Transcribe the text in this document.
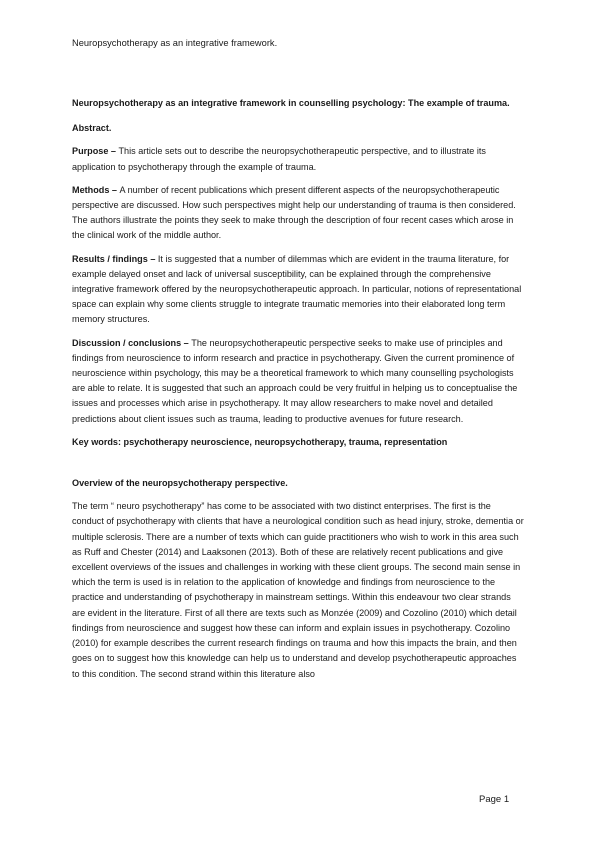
Neuropsychotherapy as an integrative framework.

Neuropsychotherapy as an integrative framework in counselling psychology: The example of trauma.

Abstract.

Purpose – This article sets out to describe the neuropsychotherapeutic perspective, and to illustrate its application to psychotherapy through the example of trauma.

Methods – A number of recent publications which present different aspects of the neuropsychotherapeutic perspective are discussed. How such perspectives might help our understanding of trauma is then considered. The authors illustrate the points they seek to make through the description of four recent cases which arose in the clinical work of the middle author.

Results / findings – It is suggested that a number of dilemmas which are evident in the trauma literature, for example delayed onset and lack of universal susceptibility, can be explained through the comprehensive integrative framework offered by the neuropsychotherapeutic approach. In particular, notions of representational space can explain why some clients struggle to integrate traumatic memories into their elaborated long term memory structures.

Discussion / conclusions – The neuropsychotherapeutic perspective seeks to make use of principles and findings from neuroscience to inform research and practice in psychotherapy. Given the current prominence of neuroscience within psychology, this may be a theoretical framework to which many counselling psychologists are able to relate. It is suggested that such an approach could be very fruitful in helping us to conceptualise the issues and processes which arise in psychotherapy. It may allow researchers to make novel and detailed predictions about client issues such as trauma, leading to productive avenues for future research.

Key words: psychotherapy neuroscience, neuropsychotherapy, trauma, representation

Overview of the neuropsychotherapy perspective.

The term “ neuro psychotherapy” has come to be associated with two distinct enterprises. The first is the conduct of psychotherapy with clients that have a neurological condition such as head injury, stroke, dementia or multiple sclerosis. There are a number of texts which can guide practitioners who wish to work in this area such as Ruff and Chester (2014) and Laaksonen (2013). Both of these are relatively recent publications and give excellent overviews of the issues and challenges in working with these client groups. The second main sense in which the term is used is in relation to the application of knowledge and findings from neuroscience to the practice and understanding of psychotherapy in mainstream settings. Within this endeavour two clear strands are evident in the literature. First of all there are texts such as Monzée (2009) and Cozolino (2010) which detail findings from neuroscience and suggest how these can inform and explain issues in psychotherapy. Cozolino (2010) for example describes the current research findings on trauma and how this impacts the brain, and then goes on to suggest how this knowledge can help us to understand and develop psychotherapeutic approaches to this condition. The second strand within this literature also

Page 1
